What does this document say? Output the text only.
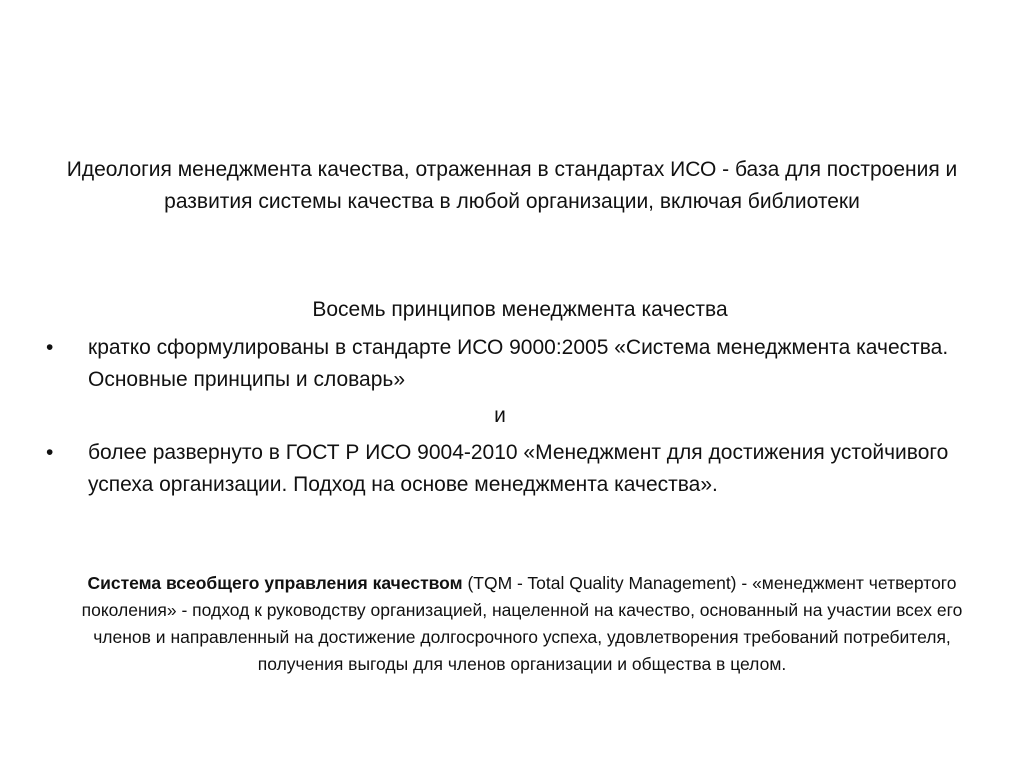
Идеология менеджмента качества, отраженная в стандартах ИСО - база для построения и развития системы качества в любой организации, включая библиотеки

Восемь принципов менеджмента качества

•	кратко сформулированы в стандарте ИСО 9000:2005 «Система менеджмента качества. Основные принципы и словарь»

и

•	более развернуто в ГОСТ Р ИСО 9004-2010 «Менеджмент для достижения устойчивого успеха организации. Подход на основе менеджмента качества».

Система всеобщего управления качеством (TQM - Total Quality Management) - «менеджмент четвертого поколения» - подход к руководству организацией, нацеленной на качество, основанный на участии всех его членов и направленный на достижение долгосрочного успеха, удовлетворения требований потребителя, получения выгоды для членов организации и общества в целом.
